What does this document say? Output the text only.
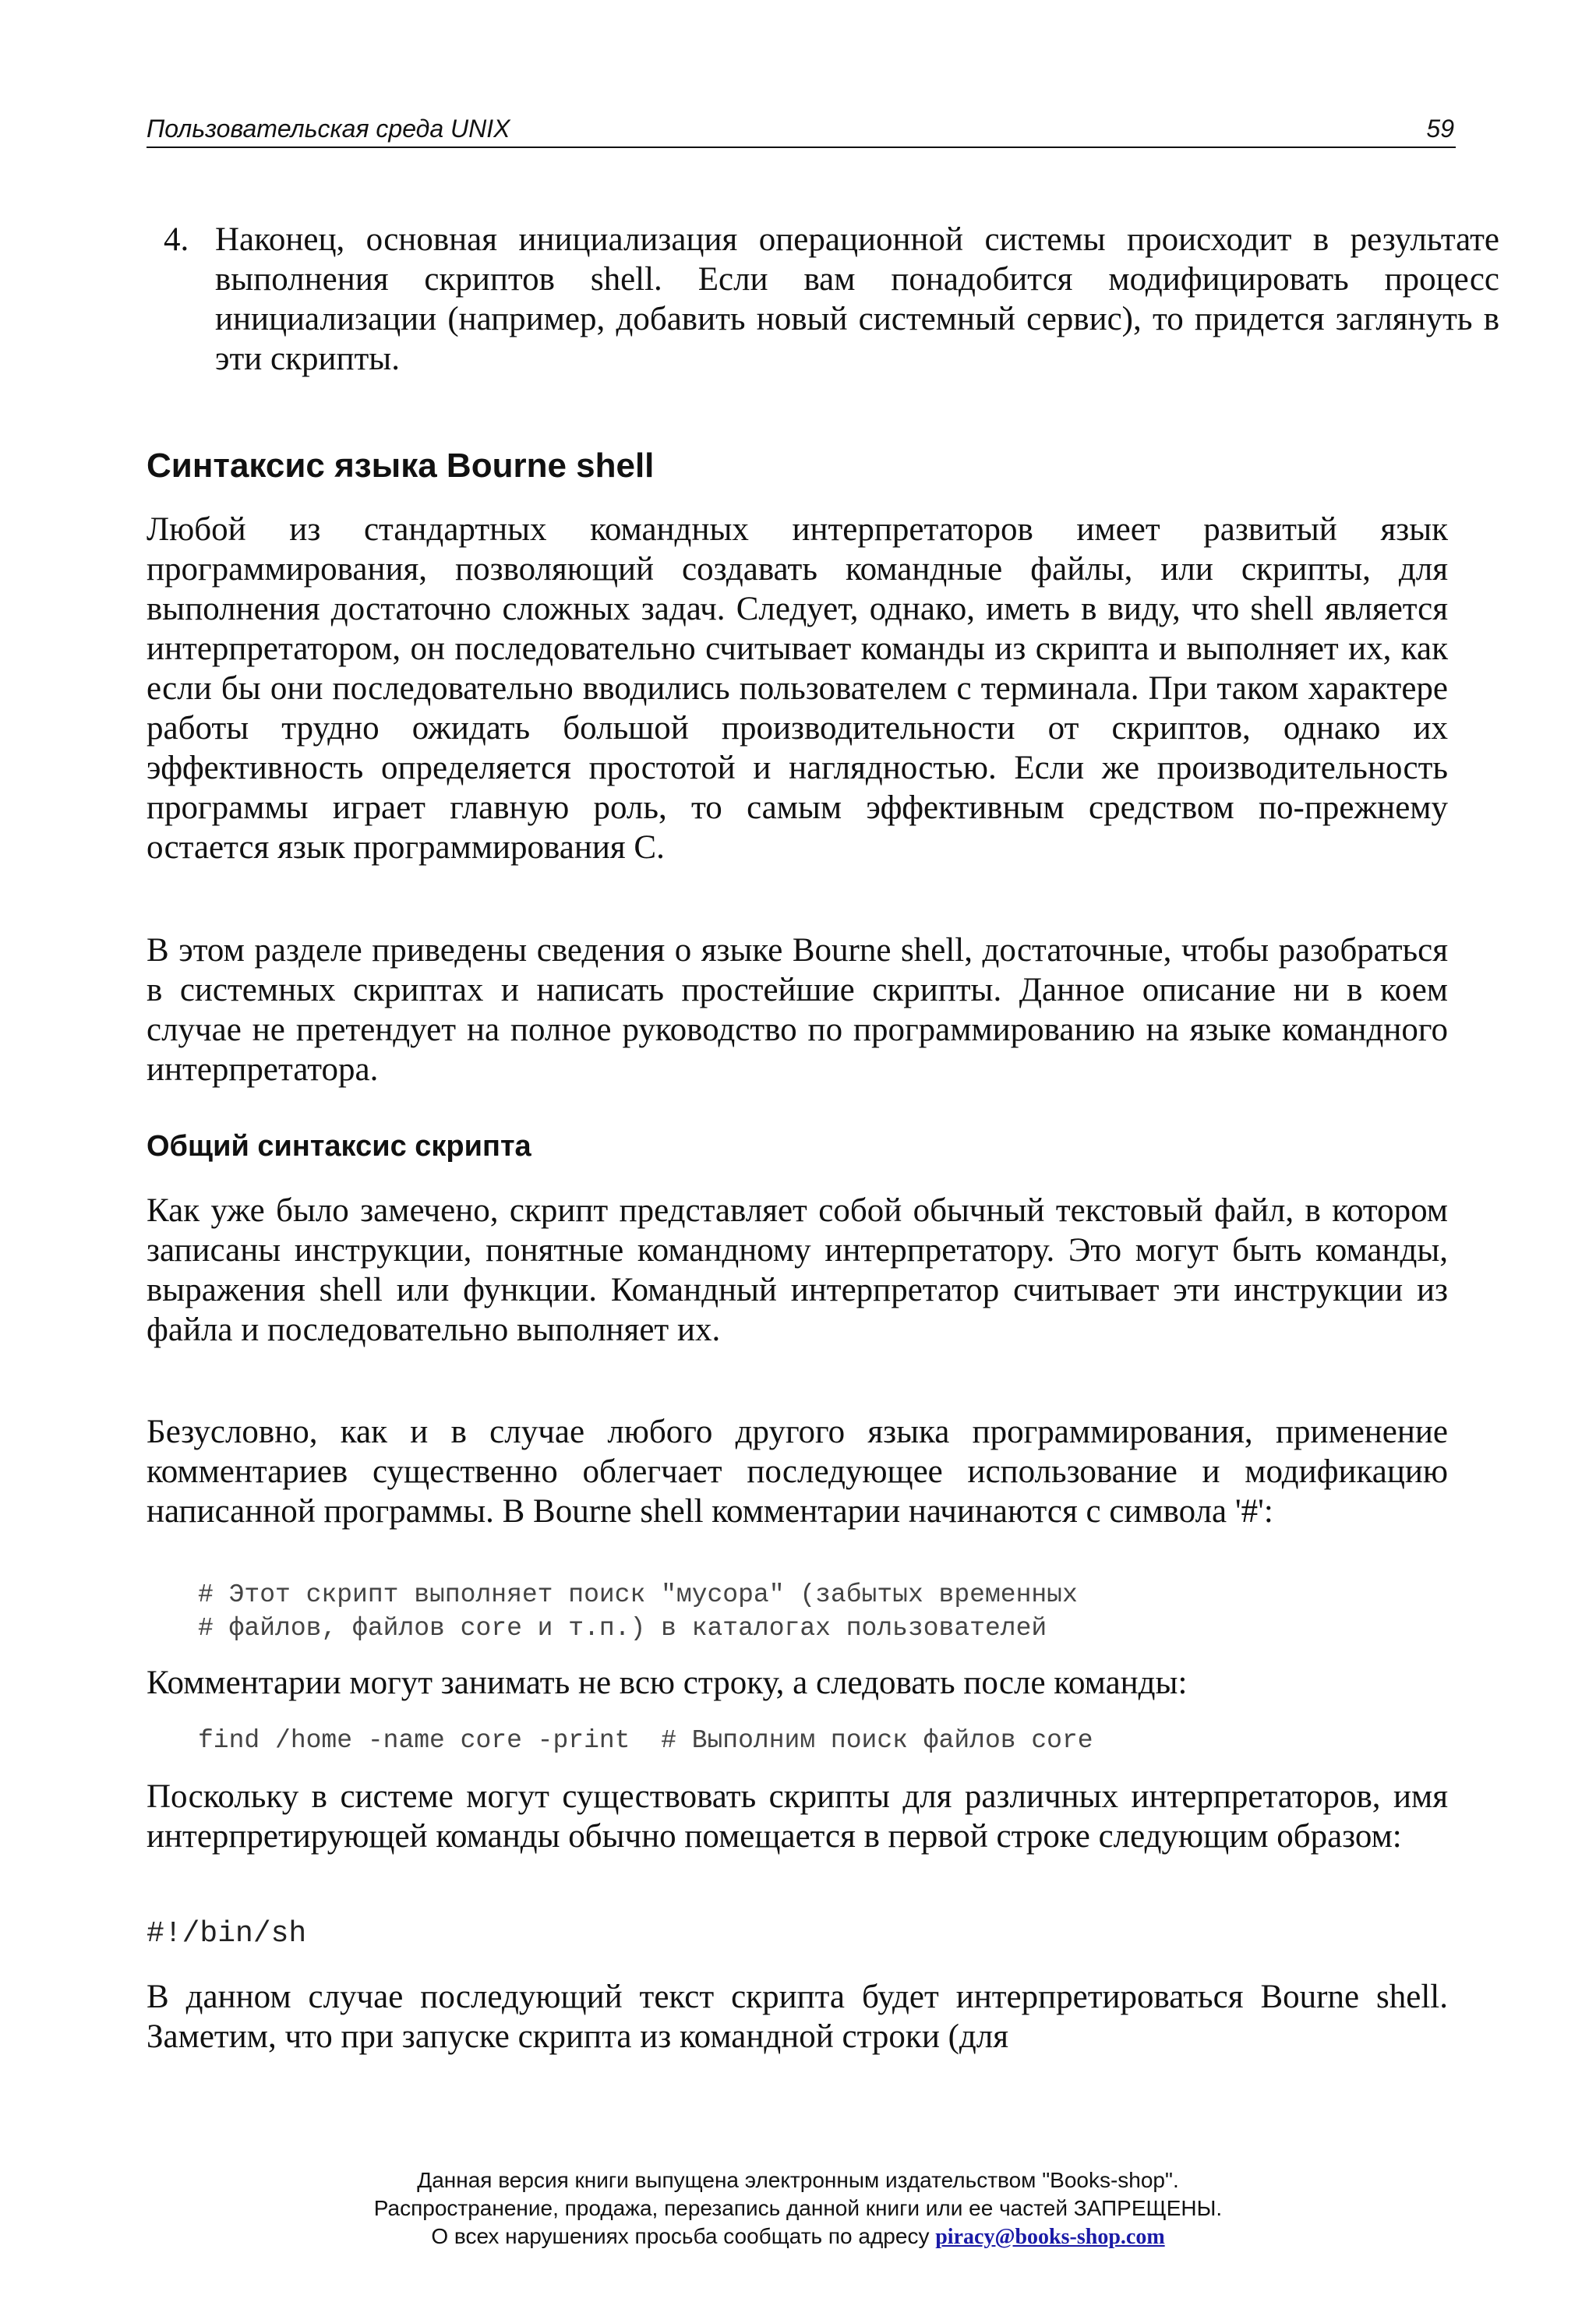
Пользовательская среда UNIX	59

4. Наконец, основная инициализация операционной системы происходит в результате выполнения скриптов shell. Если вам понадобится модифицировать процесс инициализации (например, добавить новый системный сервис), то придется заглянуть в эти скрипты.

Синтаксис языка Bourne shell

Любой из стандартных командных интерпретаторов имеет развитый язык программирования, позволяющий создавать командные файлы, или скрипты, для выполнения достаточно сложных задач. Следует, однако, иметь в виду, что shell является интерпретатором, он последовательно считывает команды из скрипта и выполняет их, как если бы они последовательно вводились пользователем с терминала. При таком характере работы трудно ожидать большой производительности от скриптов, однако их эффективность определяется простотой и наглядностью. Если же производительность программы играет главную роль, то самым эффективным средством по-прежнему остается язык программирования С.

В этом разделе приведены сведения о языке Bourne shell, достаточные, чтобы разобраться в системных скриптах и написать простейшие скрипты. Данное описание ни в коем случае не претендует на полное руководство по программированию на языке командного интерпретатора.

Общий синтаксис скрипта

Как уже было замечено, скрипт представляет собой обычный текстовый файл, в котором записаны инструкции, понятные командному интерпретатору. Это могут быть команды, выражения shell или функции. Командный интерпретатор считывает эти инструкции из файла и последовательно выполняет их.

Безусловно, как и в случае любого другого языка программирования, применение комментариев существенно облегчает последующее использование и модификацию написанной программы. В Bourne shell комментарии начинаются с символа '#':

# Этот скрипт выполняет поиск "мусора" (забытых временных
# файлов, файлов core и т.п.) в каталогах пользователей

Комментарии могут занимать не всю строку, а следовать после команды:

find /home -name core -print  # Выполним поиск файлов core

Поскольку в системе могут существовать скрипты для различных интерпретаторов, имя интерпретирующей команды обычно помещается в первой строке следующим образом:

#!/bin/sh

В данном случае последующий текст скрипта будет интерпретироваться Bourne shell. Заметим, что при запуске скрипта из командной строки (для

Данная версия книги выпущена электронным издательством "Books-shop".
Распространение, продажа, перезапись данной книги или ее частей ЗАПРЕЩЕНЫ.
О всех нарушениях просьба сообщать по адресу piracy@books-shop.com
